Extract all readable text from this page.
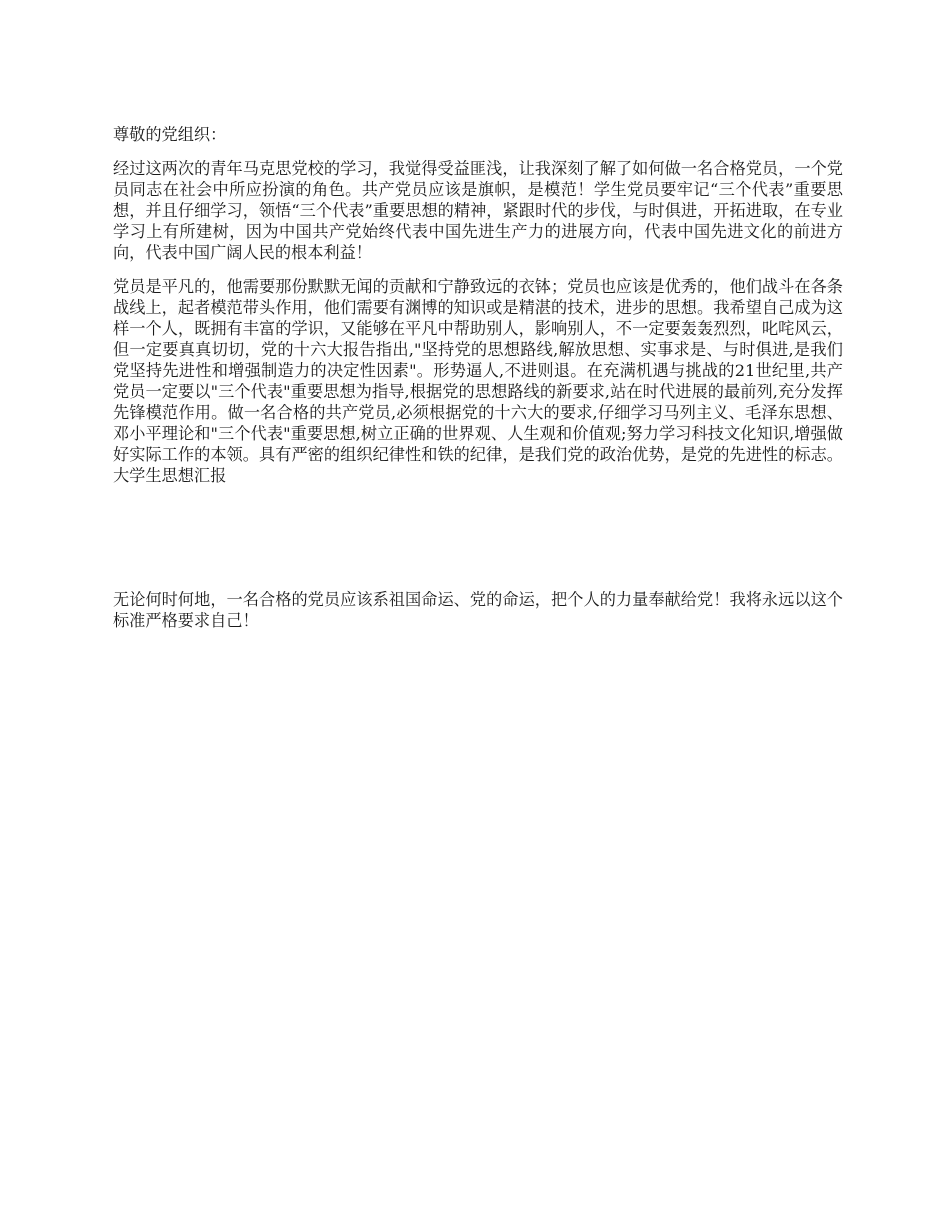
尊敬的党组织：

经过这两次的青年马克思党校的学习，我觉得受益匪浅，让我深刻了解了如何做一名合格党员，一个党员同志在社会中所应扮演的角色。共产党员应该是旗帜，是模范！学生党员要牢记“三个代表”重要思想，并且仔细学习，领悟“三个代表”重要思想的精神，紧跟时代的步伐，与时俱进，开拓进取，在专业学习上有所建树，因为中国共产党始终代表中国先进生产力的进展方向，代表中国先进文化的前进方向，代表中国广阔人民的根本利益！

党员是平凡的，他需要那份默默无闻的贡献和宁静致远的衣钵；党员也应该是优秀的，他们战斗在各条战线上，起者模范带头作用，他们需要有渊博的知识或是精湛的技术，进步的思想。我希望自己成为这样一个人，既拥有丰富的学识，又能够在平凡中帮助别人，影响别人，不一定要轰轰烈烈，叱咤风云，但一定要真真切切，党的十六大报告指出,"坚持党的思想路线,解放思想、实事求是、与时俱进,是我们党坚持先进性和增强制造力的决定性因素"。形势逼人,不进则退。在充满机遇与挑战的21世纪里,共产党员一定要以"三个代表"重要思想为指导,根据党的思想路线的新要求,站在时代进展的最前列,充分发挥先锋模范作用。做一名合格的共产党员,必须根据党的十六大的要求,仔细学习马列主义、毛泽东思想、邓小平理论和"三个代表"重要思想,树立正确的世界观、人生观和价值观;努力学习科技文化知识,增强做好实际工作的本领。具有严密的组织纪律性和铁的纪律，是我们党的政治优势，是党的先进性的标志。大学生思想汇报

无论何时何地，一名合格的党员应该系祖国命运、党的命运，把个人的力量奉献给党！我将永远以这个标准严格要求自己！
